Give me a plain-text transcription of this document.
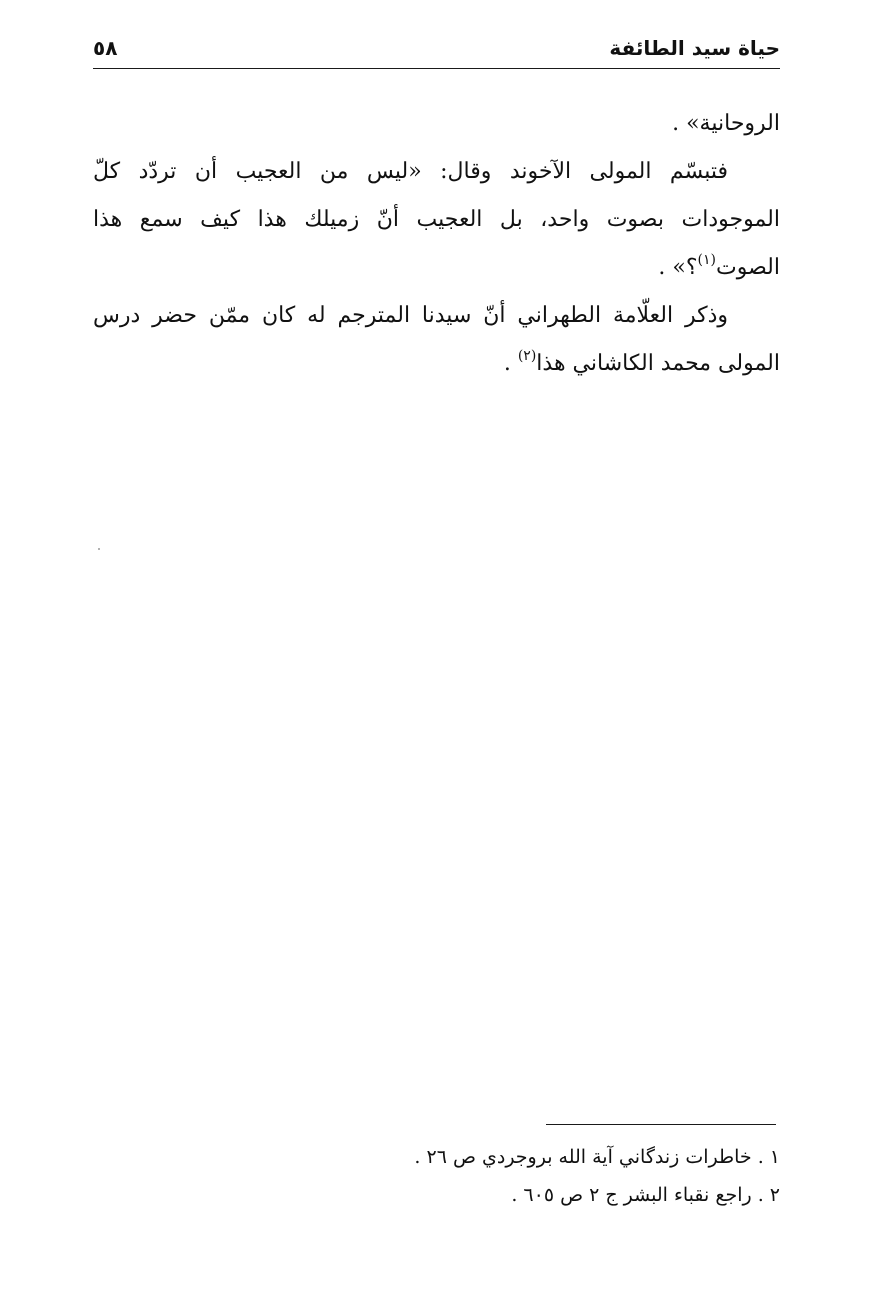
حياة سيد الطائفة
٥٨

الروحانية» .

فتبسّم المولى الآخوند وقال: «ليس من العجيب أن تردّد كلّ الموجودات بصوت واحد، بل العجيب أنّ زميلك هذا كيف سمع هذا الصوت$^{(١)}$؟» .

وذكر العلّامة الطهراني أنّ سيدنا المترجم له كان ممّن حضر درس المولى محمد الكاشاني هذا$^{(٢)}$ .

١ . خاطرات زندگاني آية الله بروجردي ص ٢٦ .

٢ . راجع نقباء البشر ج ٢ ص ٦٠٥ .
